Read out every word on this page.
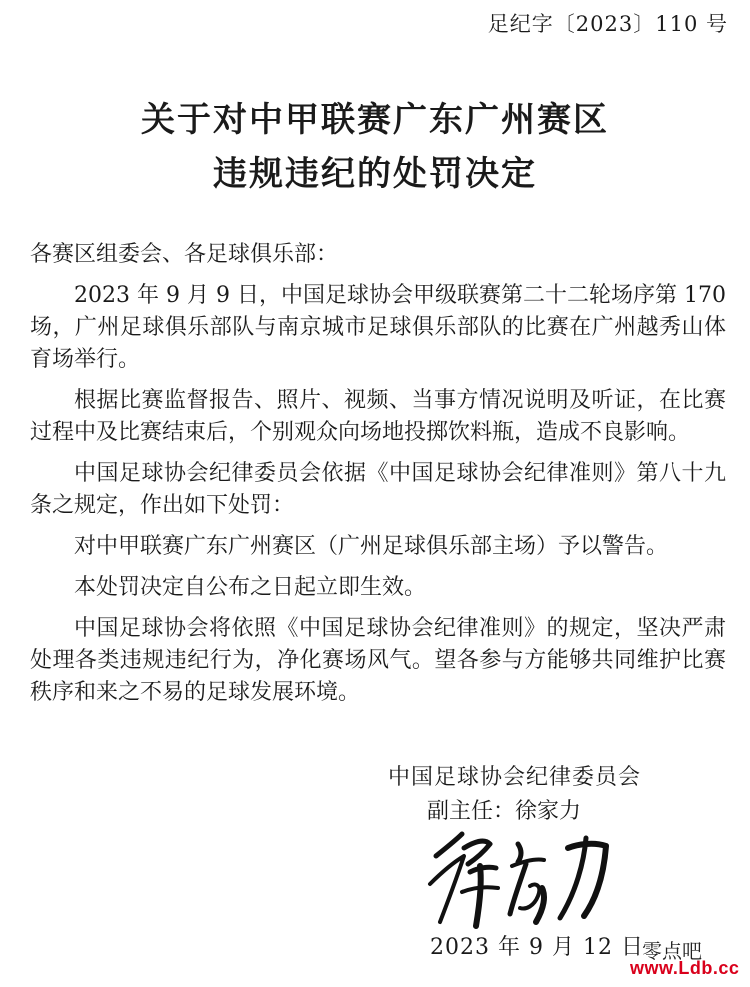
足纪字〔2023〕110 号
关于对中甲联赛广东广州赛区
违规违纪的处罚决定

各赛区组委会、各足球俱乐部：

2023 年 9 月 9 日，中国足球协会甲级联赛第二十二轮场序第 170 场，广州足球俱乐部队与南京城市足球俱乐部队的比赛在广州越秀山体育场举行。

根据比赛监督报告、照片、视频、当事方情况说明及听证，在比赛过程中及比赛结束后，个别观众向场地投掷饮料瓶，造成不良影响。

中国足球协会纪律委员会依据《中国足球协会纪律准则》第八十九条之规定，作出如下处罚：

对中甲联赛广东广州赛区（广州足球俱乐部主场）予以警告。

本处罚决定自公布之日起立即生效。

中国足球协会将依照《中国足球协会纪律准则》的规定，坚决严肃处理各类违规违纪行为，净化赛场风气。望各参与方能够共同维护比赛秩序和来之不易的足球发展环境。

中国足球协会纪律委员会
副主任：徐家力
2023 年 9 月 12 日
零点吧
www.Ldb.cc
